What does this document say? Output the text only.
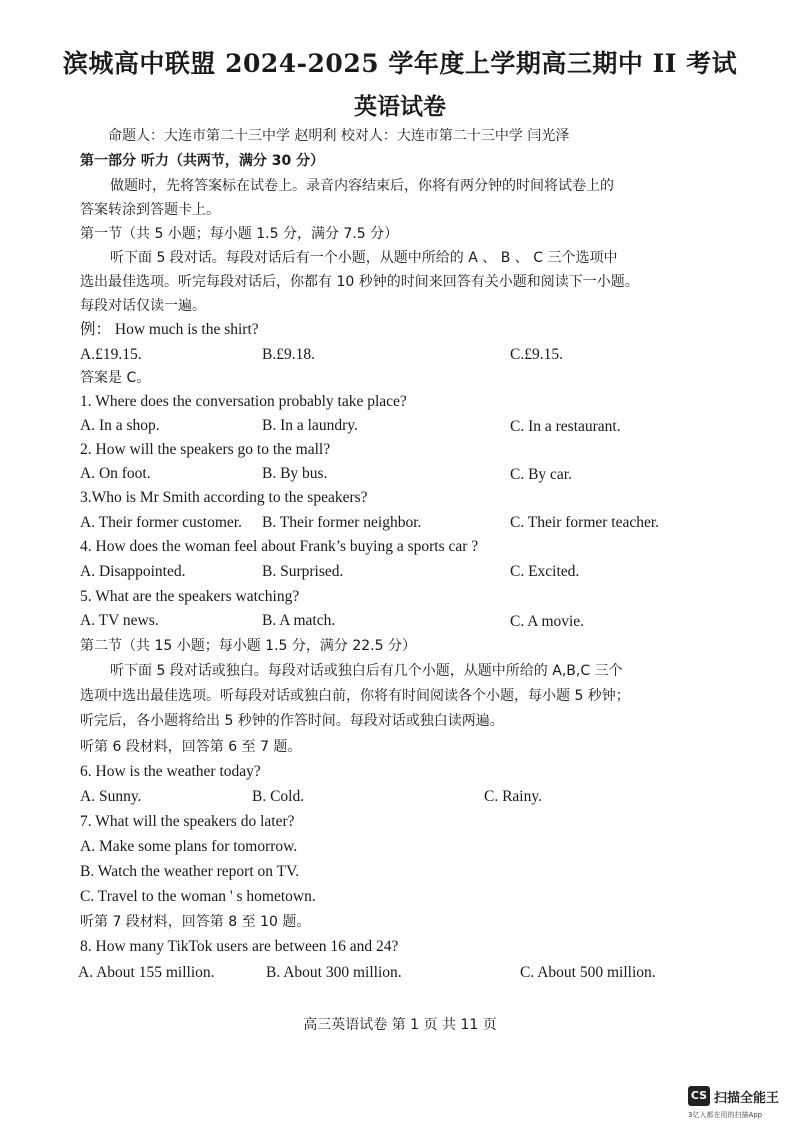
滨城高中联盟 2024-2025 学年度上学期高三期中 II 考试
英语试卷
命题人：大连市第二十三中学 赵明利 校对人：大连市第二十三中学 闫光泽
第一部分 听力（共两节，满分 30 分）
做题时，先将答案标在试卷上。录音内容结束后，你将有两分钟的时间将试卷上的
答案转涂到答题卡上。
第一节（共 5 小题；每小题 1.5 分，满分 7.5 分）
听下面 5 段对话。每段对话后有一个小题，从题中所给的 A 、 B 、 C 三个选项中
选出最佳选项。听完每段对话后，你都有 10 秒钟的时间来回答有关小题和阅读下一小题。
每段对话仅读一遍。
例： How much is the shirt?
A.£19.15.	B.£9.18.	C.£9.15.
答案是 C。
1. Where does the conversation probably take place?
A. In a shop.	B. In a laundry.	C. In a restaurant.
2. How will the speakers go to the mall?
A. On foot.	B. By bus.	C. By car.
3.Who is Mr Smith according to the speakers?
A. Their former customer. B. Their former neighbor.	C. Their former teacher.
4. How does the woman feel about Frank’s buying a sports car ?
A. Disappointed.	B. Surprised.	C. Excited.
5. What are the speakers watching?
A. TV news.	B. A match.	C. A movie.
第二节（共 15 小题；每小题 1.5 分，满分 22.5 分）
听下面 5 段对话或独白。每段对话或独白后有几个小题，从题中所给的 A,B,C 三个
选项中选出最佳选项。听每段对话或独白前，你将有时间阅读各个小题，每小题 5 秒钟；
听完后，各小题将给出 5 秒钟的作答时间。每段对话或独白读两遍。
听第 6 段材料，回答第 6 至 7 题。
6. How is the weather today?
A. Sunny.	B. Cold.	C. Rainy.
7. What will the speakers do later?
A. Make some plans for tomorrow.
B. Watch the weather report on TV.
C. Travel to the woman ' s hometown.
听第 7 段材料，回答第 8 至 10 题。
8. How many TikTok users are between 16 and 24?
A. About 155 million.	B. About 300 million.	C. About 500 million.
高三英语试卷 第 1 页 共 11 页
CS 扫描全能王
3亿人都在用的扫描App
